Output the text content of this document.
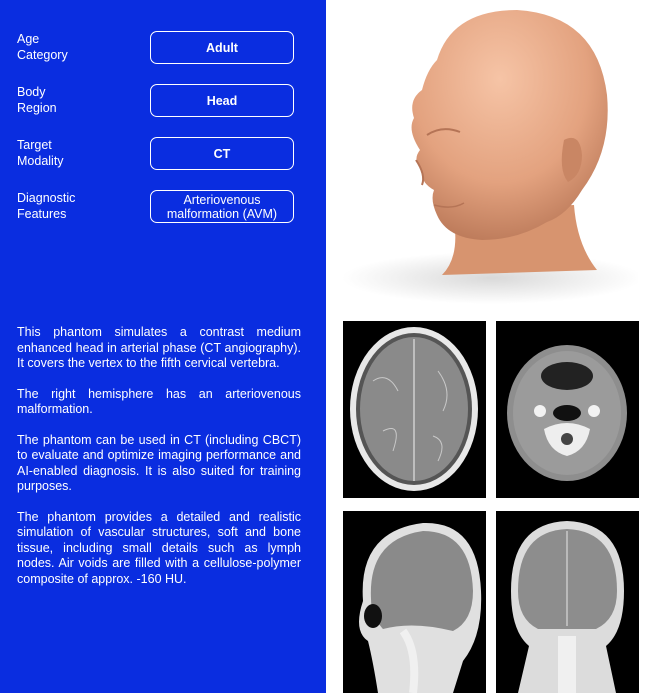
Age
Category
Adult
Body
Region
Head
Target
Modality
CT
Diagnostic
Features
Arteriovenous malformation (AVM)

This phantom simulates a contrast medium enhanced head in arterial phase (CT angiography). It covers the vertex to the fifth cervical vertebra.

The right hemisphere has an arteriovenous malformation.

The phantom can be used in CT (including CBCT) to evaluate and optimize imaging performance and AI-enabled diagnosis. It is also suited for training purposes.

The phantom provides a detailed and realistic simulation of vascular structures, soft and bone tissue, including small details such as lymph nodes. Air voids are filled with a cellulose-polymer composite of approx. -160 HU.
